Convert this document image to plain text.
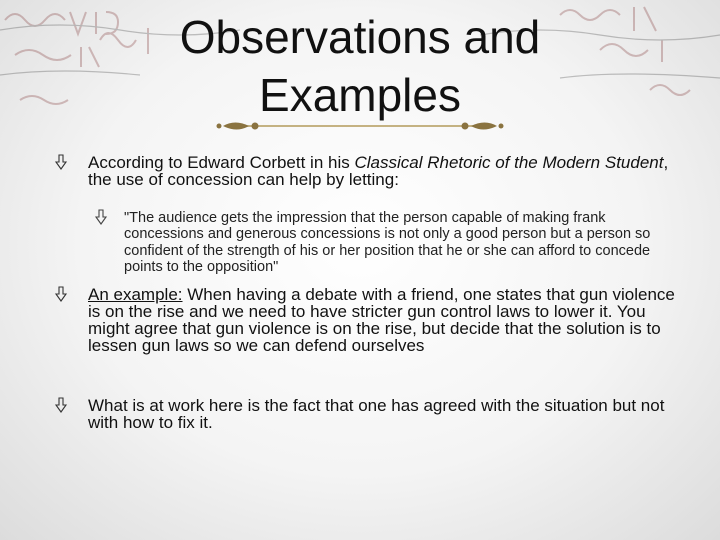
Observations and
Examples
According to Edward Corbett in his Classical Rhetoric of the Modern Student, the use of concession can help by letting:
"The audience gets the impression that the person capable of making frank concessions and generous concessions is not only a good person but a person so confident of the strength of his or her position that he or she can afford to concede points to the opposition"
An example: When having a debate with a friend, one states that gun violence is on the rise and we need to have stricter gun control laws to lower it. You might agree that gun violence is on the rise, but decide that the solution is to lessen gun laws so we can defend ourselves
What is at work here is the fact that one has agreed with the situation but not with how to fix it.
